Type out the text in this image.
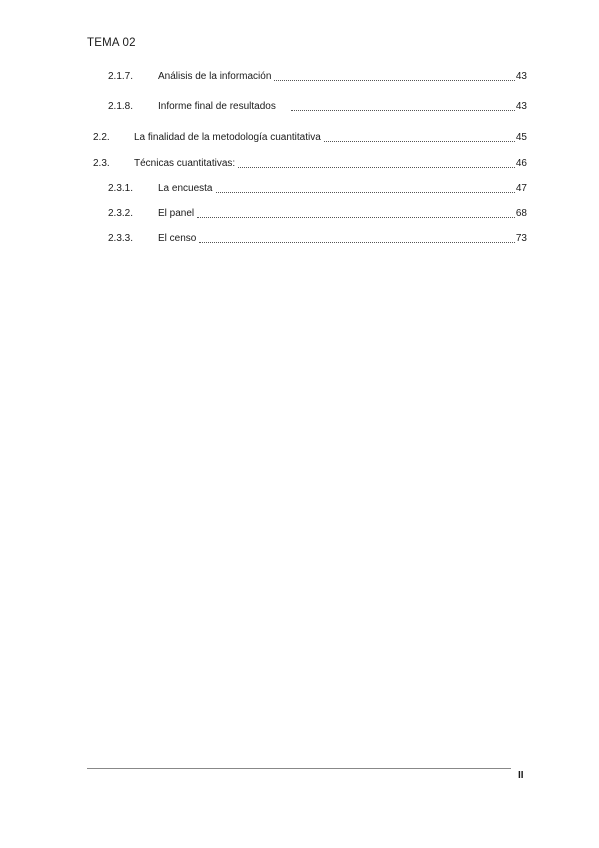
TEMA 02
2.1.7.	Análisis de la información	43
2.1.8.	Informe final de resultados	43
2.2.	La finalidad de la metodología cuantitativa	45
2.3.	Técnicas cuantitativas:	46
2.3.1.	La encuesta	47
2.3.2.	El panel	68
2.3.3.	El censo	73
II
